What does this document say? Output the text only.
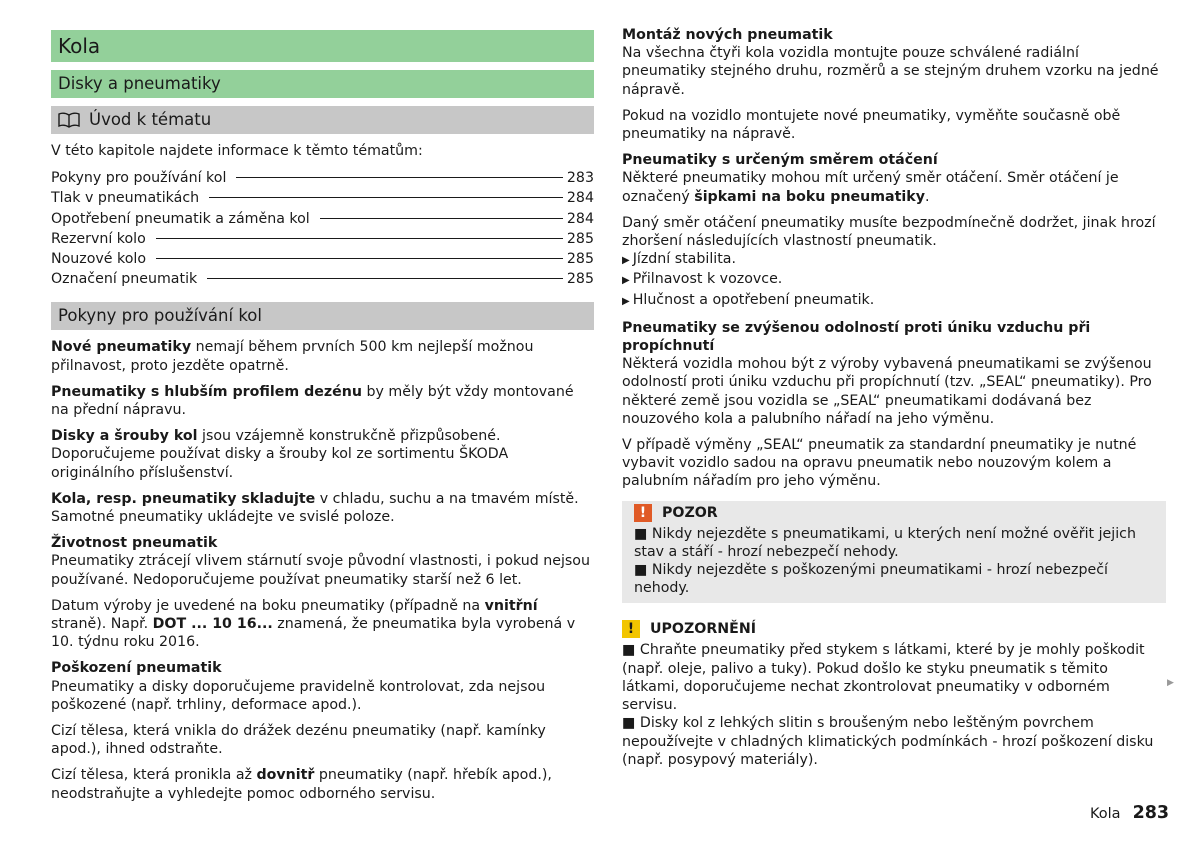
Kola
Disky a pneumatiky
Úvod k tématu

V této kapitole najdete informace k těmto tématům:

Pokyny pro používání kol	283
Tlak v pneumatikách	284
Opotřebení pneumatik a záměna kol	284
Rezervní kolo	285
Nouzové kolo	285
Označení pneumatik	285
Pokyny pro používání kol

Nové pneumatiky nemají během prvních 500 km nejlepší možnou přilnavost, proto jezděte opatrně.

Pneumatiky s hlubším profilem dezénu by měly být vždy montované na přední nápravu.

Disky a šrouby kol jsou vzájemně konstrukčně přizpůsobené. Doporučujeme používat disky a šrouby kol ze sortimentu ŠKODA originálního příslušenství.

Kola, resp. pneumatiky skladujte v chladu, suchu a na tmavém místě. Samotné pneumatiky ukládejte ve svislé poloze.

Životnost pneumatik

Pneumatiky ztrácejí vlivem stárnutí svoje původní vlastnosti, i pokud nejsou používané. Nedoporučujeme používat pneumatiky starší než 6 let.

Datum výroby je uvedené na boku pneumatiky (případně na vnitřní straně). Např. DOT ... 10 16... znamená, že pneumatika byla vyrobená v 10. týdnu roku 2016.

Poškození pneumatik

Pneumatiky a disky doporučujeme pravidelně kontrolovat, zda nejsou poškozené (např. trhliny, deformace apod.).

Cizí tělesa, která vnikla do drážek dezénu pneumatiky (např. kamínky apod.), ihned odstraňte.

Cizí tělesa, která pronikla až dovnitř pneumatiky (např. hřebík apod.), neodstraňujte a vyhledejte pomoc odborného servisu.

Montáž nových pneumatik

Na všechna čtyři kola vozidla montujte pouze schválené radiální pneumatiky stejného druhu, rozměrů a se stejným druhem vzorku na jedné nápravě.

Pokud na vozidlo montujete nové pneumatiky, vyměňte současně obě pneumatiky na nápravě.

Pneumatiky s určeným směrem otáčení

Některé pneumatiky mohou mít určený směr otáčení. Směr otáčení je označený šipkami na boku pneumatiky.

Daný směr otáčení pneumatiky musíte bezpodmínečně dodržet, jinak hrozí zhoršení následujících vlastností pneumatik.

▶ Jízdní stabilita.
▶ Přilnavost k vozovce.
▶ Hlučnost a opotřebení pneumatik.
Pneumatiky se zvýšenou odolností proti úniku vzduchu při propíchnutí

Některá vozidla mohou být z výroby vybavená pneumatikami se zvýšenou odolností proti úniku vzduchu při propíchnutí (tzv. „SEAL“ pneumatiky). Pro některé země jsou vozidla se „SEAL“ pneumatikami dodávaná bez nouzového kola a palubního nářadí na jeho výměnu.

V případě výměny „SEAL“ pneumatik za standardní pneumatiky je nutné vybavit vozidlo sadou na opravu pneumatik nebo nouzovým kolem a palubním nářadím pro jeho výměnu.

!	POZOR
■ Nikdy nejezděte s pneumatikami, u kterých není možné ověřit jejich stav a stáří - hrozí nebezpečí nehody.
■ Nikdy nejezděte s poškozenými pneumatikami - hrozí nebezpečí nehody.
!	UPOZORNĚNÍ
■ Chraňte pneumatiky před stykem s látkami, které by je mohly poškodit (např. oleje, palivo a tuky). Pokud došlo ke styku pneumatik s těmito látkami, doporučujeme nechat zkontrolovat pneumatiky v odborném servisu.
■ Disky kol z lehkých slitin s broušeným nebo leštěným povrchem nepoužívejte v chladných klimatických podmínkách - hrozí poškození disku (např. posypový materiály).
▶
Kola 283
